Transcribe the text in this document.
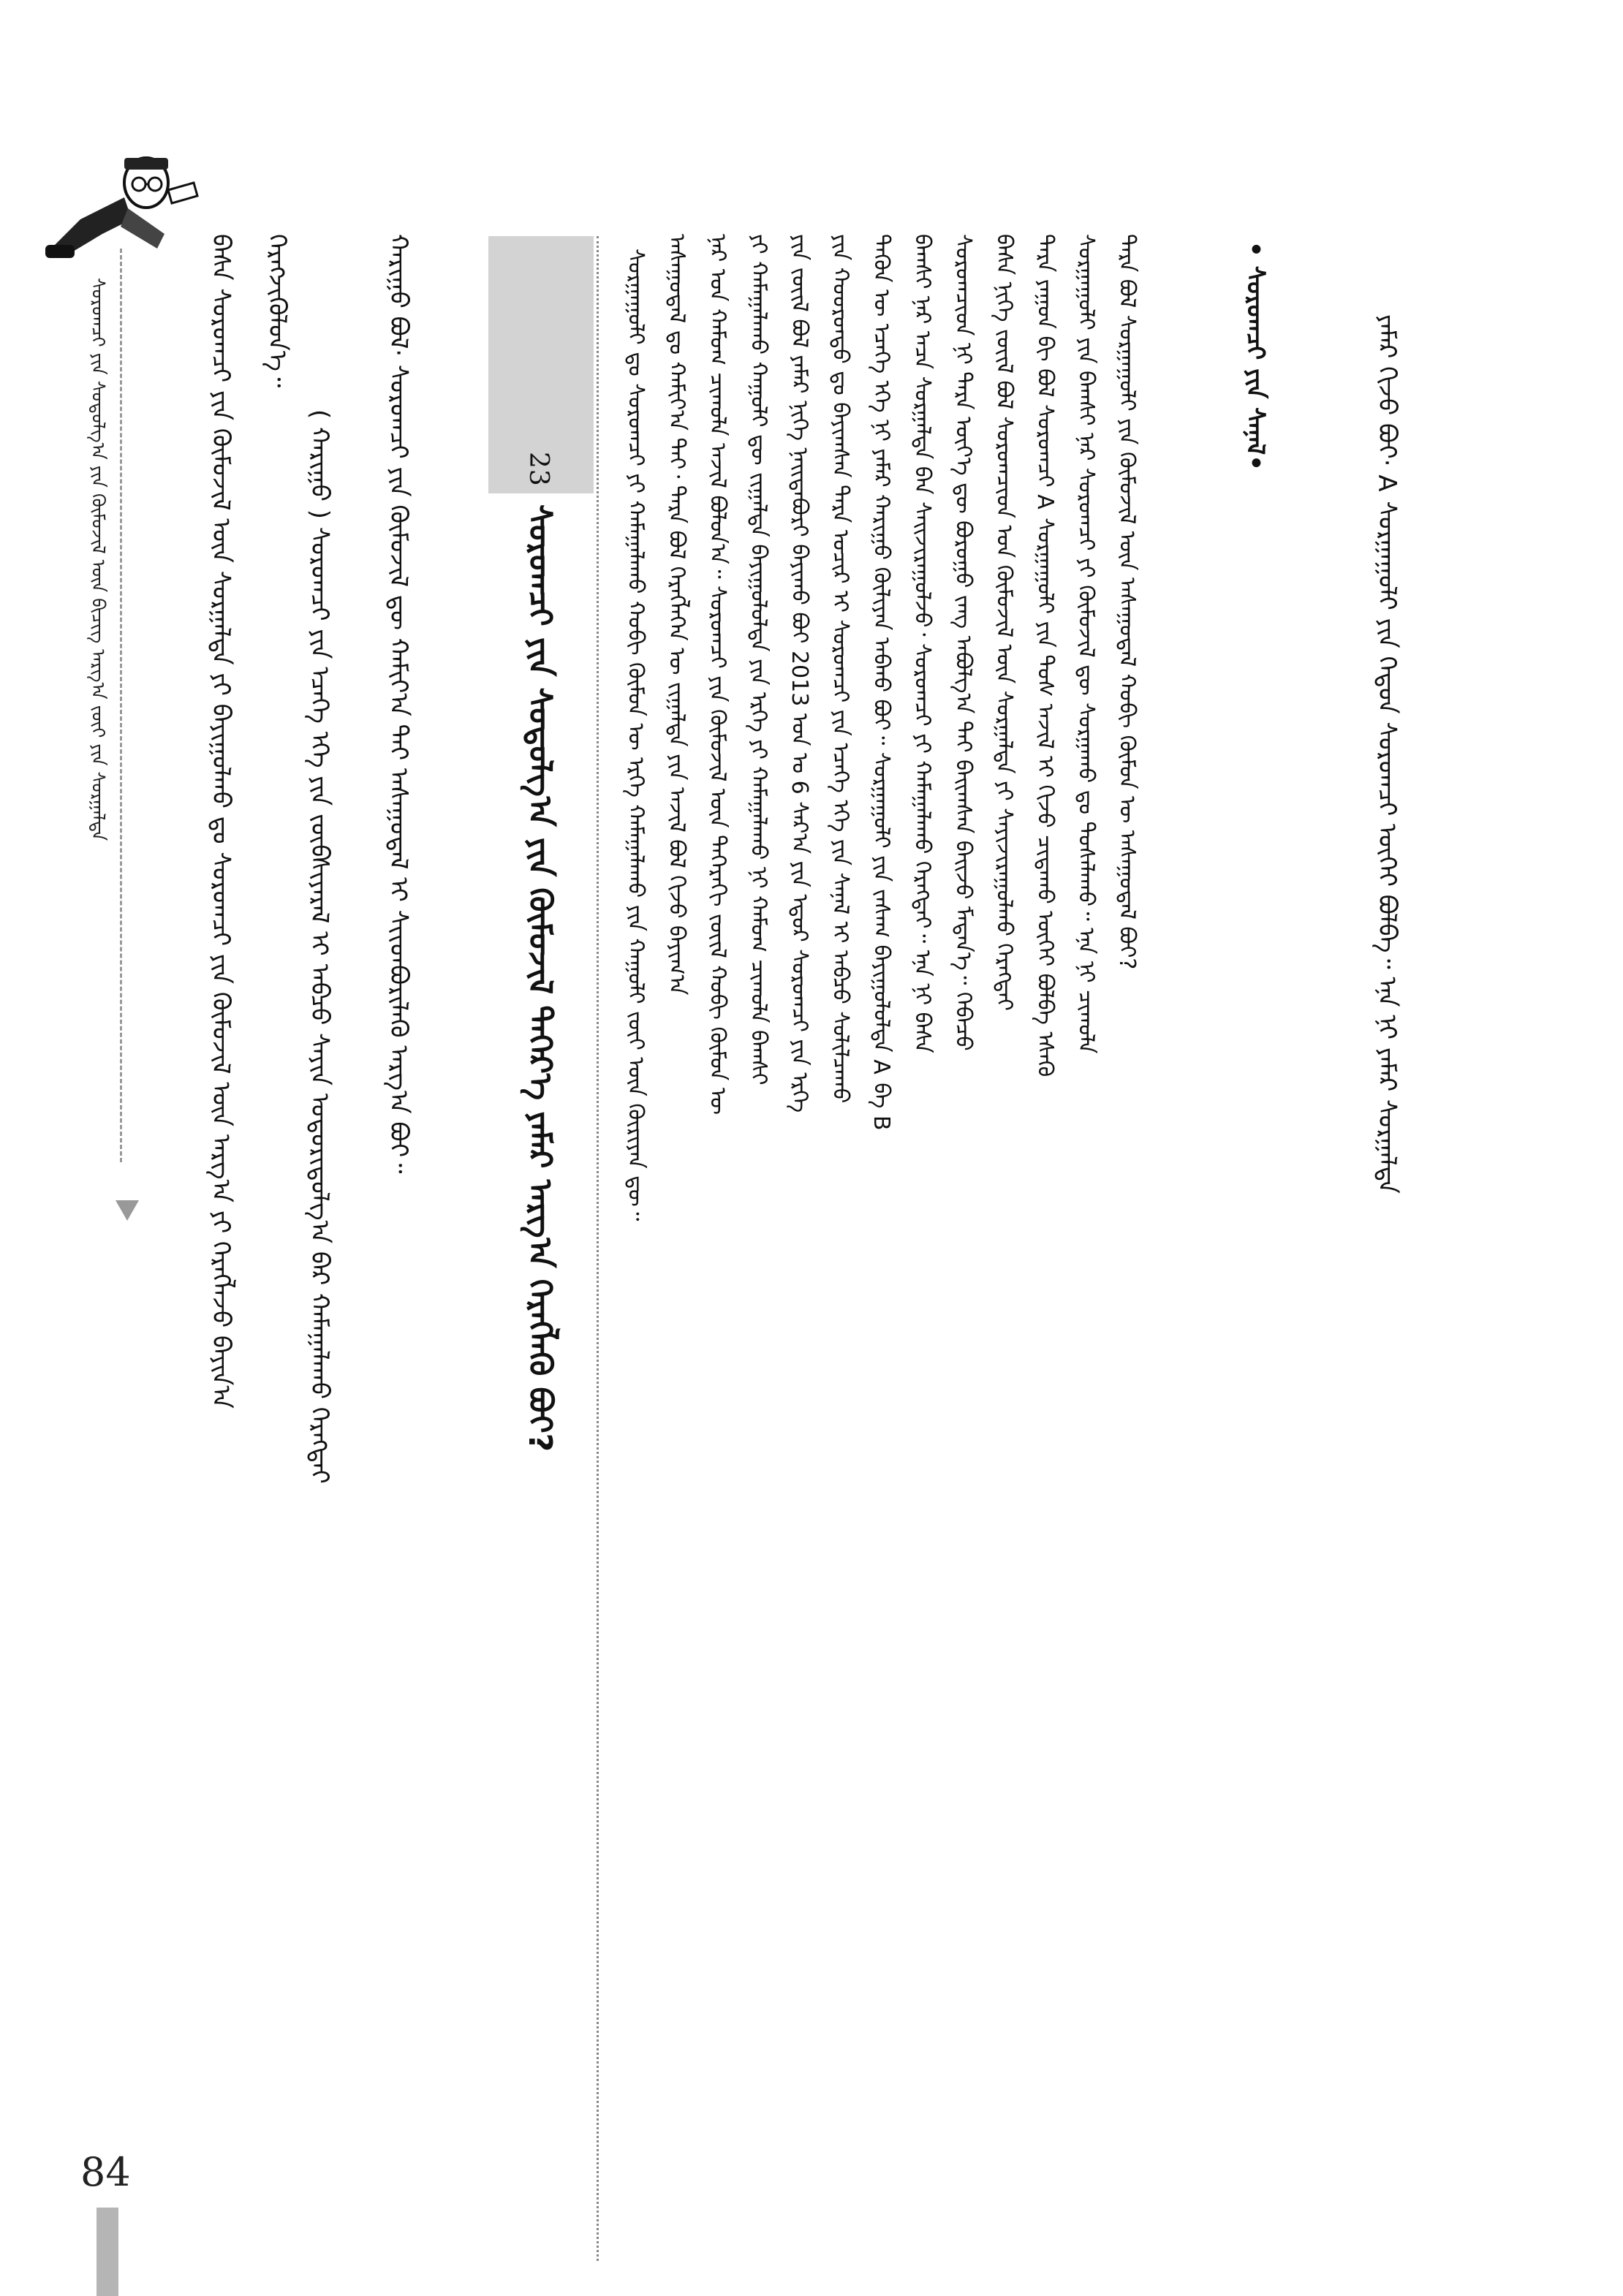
ᠰᠤᠷᠤᠭᠴᠢ ᠶᠢᠨ ᠰᠤᠳᠤᠯᠭ᠎ᠠ ᠶᠢᠨ ᠬᠦᠮᠦᠵᠢᠯ ᠦᠨ ᠪᠢᠴᠢᠭ ᠠᠷᠭ᠎ᠠ ᠵᠦᠢ ᠶᠢᠨ ᠰᠤᠷᠭᠠᠯᠲᠠ	ᠪᠠᠰᠠ ᠰᠤᠷᠤᠭᠴᠢ ᠶᠢᠨ ᠬᠦᠮᠦᠵᠢᠯ ᠦᠨ ᠰᠤᠷᠭᠠᠯᠲᠠ ᠶᠢ ᠪᠠᠶᠢᠭᠤᠯᠬᠤ ᠳᠤ ᠰᠤᠷᠤᠭᠴᠢ ᠶᠢᠨ ᠬᠦᠮᠦᠵᠢᠯ ᠦᠨ ᠠᠷᠭ᠎ᠠ ᠶᠢ ᠬᠡᠷᠡᠭᠯᠡᠵᠦ ᠪᠠᠶᠢᠨ᠎ᠠ ᠬᠡᠷᠡᠭᠵᠢᠭᠦᠯᠦᠨ᠎ᠡ᠃
( ᠬᠠᠷᠢᠭᠤ ) ᠰᠤᠷᠤᠭᠴᠢ ᠶᠢᠨ ᠡᠴᠡᠭᠡ ᠡᠬᠡ ᠶᠢᠨ ᠵᠥᠪᠰᠢᠶᠡᠷᠡᠯ ᠢ ᠠᠪᠴᠤ ᠰᠠᠶᠢᠨ ᠤᠳᠤᠷᠢᠳᠤᠯᠭ᠎ᠠ ᠪᠡᠷ ᠬᠠᠮᠠᠭᠠᠯᠠᠬᠤ ᠬᠡᠷᠡᠭᠲᠡᠢ ᠬᠠᠷᠢᠭᠤ ᠪᠣᠯ· ᠰᠤᠷᠤᠭᠴᠢ ᠶᠢᠨ ᠬᠦᠮᠦᠵᠢᠯ ᠳᠦ ᠬᠠᠮᠢᠶ᠎ᠠ ᠲᠠᠢ ᠠᠰᠠᠭᠤᠳᠠᠯ ᠢ ᠰᠢᠢᠳᠪᠦᠷᠢᠯᠡᠬᠦ ᠠᠷᠭ᠎ᠠ ᠪᠤᠢ᠃	23
ᠰᠤᠷᠤᠭᠴᠢ ᠶᠢᠨ ᠰᠤᠳᠤᠯᠭ᠎ᠠ ᠶᠢᠨ ᠬᠦᠮᠦᠵᠢᠯ ᠳᠡᠭᠡᠷ᠎ᠡ ᠶᠠᠮᠠᠷ ᠠᠷᠭ᠎ᠠ ᠬᠡᠷᠡᠭᠯᠡᠬᠦ ᠪᠤᠢ?	ᠰᠤᠷᠭᠠᠭᠤᠯᠢ ᠳᠤ ᠰᠤᠷᠤᠭᠴᠢ ᠶᠢ ᠬᠠᠮᠠᠭᠠᠯᠠᠬᠤ ᠬᠤᠪᠢ ᠬᠦᠮᠦᠨ ᠦ ᠡᠷᠬᠡ ᠬᠠᠮᠠᠭᠠᠯᠠᠬᠤ ᠶᠢᠨ ᠬᠠᠭᠤᠯᠢ ᠵᠦᠢ ᠦᠨ ᠬᠦᠷᠢᠶᠡᠨ ᠳᠦ᠃ ᠠᠰᠠᠭᠤᠳᠠᠯ ᠳᠤ ᠬᠠᠮᠢᠶ᠎ᠠ ᠲᠠᠢ᠂ ᠲᠡᠷᠡ ᠪᠣᠯ ᠬᠡᠷᠡᠭᠯᠡᠭᠡᠨ ᠦ ᠵᠢᠭᠠᠯᠲᠠ ᠶᠢᠨ ᠠᠵᠢᠯ ᠪᠣᠯ ᠬᠢᠵᠦ ᠪᠠᠶᠢᠭ᠎ᠠ ᠨᠠᠷ ᠤᠨ ᠬᠠᠮᠤᠭ ᠴᠢᠬᠤᠯᠠ ᠠᠵᠢᠯ ᠪᠣᠯᠤᠨ᠎ᠠ᠃ ᠰᠤᠷᠤᠭᠴᠢ ᠶᠢᠨ ᠬᠦᠮᠦᠵᠢᠯ ᠦᠨ ᠳᠡᠭᠡᠷᠡᠬᠢ ᠵᠦᠢᠯ ᠬᠤᠪᠢ ᠬᠦᠮᠦᠨ ᠦ ᠶᠢ ᠬᠠᠮᠠᠭᠠᠯᠠᠬᠤ ᠬᠠᠭᠤᠯᠢ ᠳᠦ ᠵᠢᠭᠠᠯᠲᠠ ᠪᠠᠶᠢᠭᠤᠯᠤᠯᠲᠠ ᠶᠢᠨ ᠡᠷᠬᠡ ᠶᠢ ᠬᠠᠮᠠᠭᠠᠯᠠᠬᠤ ᠨᠢ ᠬᠠᠮᠤᠭ ᠴᠢᠬᠤᠯᠠ ᠪᠠᠭᠰᠢ ᠶᠢᠨ ᠵᠦᠢᠯ ᠪᠣᠯ ᠶᠠᠮᠠᠷ ᠨᠢᠭᠡ ᠨᠠᠢᠳᠠᠪᠤᠷᠢ ᠪᠠᠶᠢᠬᠤ ᠪᠤᠢ 2013 ᠣᠨ ᠤ 6 ᠰᠠᠷ᠎ᠠ ᠶᠢᠨ ᠡᠳᠦᠷ ᠰᠤᠷᠤᠭᠴᠢ ᠶᠢᠨ ᠡᠷᠬᠡ ᠶᠢᠨ ᠬᠣᠣᠷᠣᠨᠳᠤ ᠳᠤ ᠪᠠᠶᠢᠭᠰᠠᠨ ᠲᠡᠷᠡ ᠤᠴᠢᠷ ᠢ ᠰᠤᠷᠤᠭᠴᠢ ᠶᠢᠨ ᠡᠴᠡᠭᠡ ᠡᠬᠡ ᠶᠢᠨ ᠰᠠᠨᠠᠯ ᠢ ᠠᠪᠴᠤ ᠰᠣᠯᠢᠯᠴᠠᠬᠤ ᠲᠡᠭᠦᠨ ᠦ ᠡᠴᠡᠭᠡ ᠡᠬᠡ ᠨᠢ ᠶᠠᠮᠠᠷ ᠬᠠᠷᠢᠭᠤ ᠬᠦᠯᠢᠶᠡᠨ ᠠᠪᠬᠤ ᠪᠤᠢ᠃ ᠰᠤᠷᠭᠠᠭᠤᠯᠢ ᠶᠢᠨ ᠵᠠᠰᠠᠭ ᠪᠠᠶᠢᠭᠤᠯᠤᠯᠲᠠ A ᠪᠠ B ᠪᠠᠭᠰᠢ ᠨᠠᠷ ᠠᠴᠠ ᠰᠤᠷᠭᠠᠯᠲᠠ ᠪᠡᠨ ᠰᠠᠢᠵᠢᠷᠠᠭᠤᠯᠵᠤ᠂ ᠰᠤᠷᠤᠭᠴᠢ ᠶᠢ ᠬᠠᠮᠠᠭᠠᠯᠠᠬᠤ ᠬᠡᠷᠡᠭᠲᠡᠢ᠃ ᠡᠨᠡ ᠨᠢ ᠪᠠᠰᠠ ᠰᠤᠷᠤᠭᠴᠢᠳ ᠨᠢ ᠲᠡᠷᠡ ᠦᠶ᠎ᠡ ᠳᠦ ᠪᠤᠷᠤᠭᠤ ᠵᠠᠩ ᠠᠪᠤᠯᠭ᠎ᠠ ᠲᠠᠢ ᠪᠠᠢᠭᠰᠠᠨ ᠪᠠᠢᠵᠤ ᠮᠡᠳᠡᠨ᠎ᠡ᠃ ᠭᠡᠪᠡᠴᠦ ᠪᠠᠰᠠ ᠨᠢᠭᠡ ᠵᠦᠢᠯ ᠪᠣᠯ ᠰᠤᠷᠤᠭᠴᠢᠳ ᠤᠨ ᠬᠦᠮᠦᠵᠢᠯ ᠦᠨ ᠰᠤᠷᠭᠠᠯᠲᠠ ᠶᠢ ᠰᠠᠶᠢᠵᠢᠷᠠᠭᠤᠯᠬᠤ ᠬᠡᠷᠡᠭᠲᠡᠢ ᠲᠡᠷᠡ ᠶᠠᠭᠤᠨ ᠪᠢ ᠪᠣᠯ ᠰᠤᠷᠤᠭᠴᠢ A ᠰᠤᠷᠭᠠᠭᠤᠯᠢ ᠶᠢᠨ ᠲᠤᠰ ᠠᠵᠢᠯ ᠢ ᠬᠢᠵᠦ ᠴᠢᠳᠠᠬᠤ ᠦᠭᠡᠢ ᠪᠣᠯᠪᠠ ᠡᠰᠡᠬᠦ ᠰᠤᠷᠭᠠᠭᠤᠯᠢ ᠶᠢᠨ ᠪᠠᠭᠰᠢ ᠨᠠᠷ ᠰᠤᠷᠤᠭᠴᠢ ᠶᠢ ᠬᠦᠮᠦᠵᠢᠯ ᠳᠦ ᠰᠤᠷᠭᠠᠬᠤ ᠳᠤ ᠲᠤᠰᠠᠯᠠᠬᠤ᠃ ᠡᠨᠡ ᠨᠢ ᠴᠢᠬᠤᠯᠠ ᠲᠡᠷᠡ ᠪᠣᠯ ᠰᠤᠷᠭᠠᠭᠤᠯᠢ ᠶᠢᠨ ᠬᠦᠮᠦᠵᠢᠯ ᠦᠨ ᠠᠰᠠᠭᠤᠳᠠᠯ ᠬᠤᠪᠢ ᠬᠦᠮᠦᠨ ᠦ ᠠᠰᠠᠭᠤᠳᠠᠯ ᠪᠤᠢ?	• ᠰᠤᠷᠤᠭᠴᠢ ᠶᠢᠨ ᠰᠠᠨᠠᠯ•	ᠶᠠᠮᠠᠷ ᠬᠢᠵᠦ ᠪᠤᠢ· A ᠰᠤᠷᠭᠠᠭᠤᠯᠢ ᠶᠢᠨ ᠬᠡᠳᠦᠨ ᠰᠤᠷᠤᠭᠴᠢ ᠦᠬᠡᠢ ᠪᠣᠯᠪᠠ᠃ ᠡᠨᠡ ᠨᠢ ᠶᠠᠮᠠᠷ ᠰᠤᠷᠭᠠᠯᠲᠠ
84
